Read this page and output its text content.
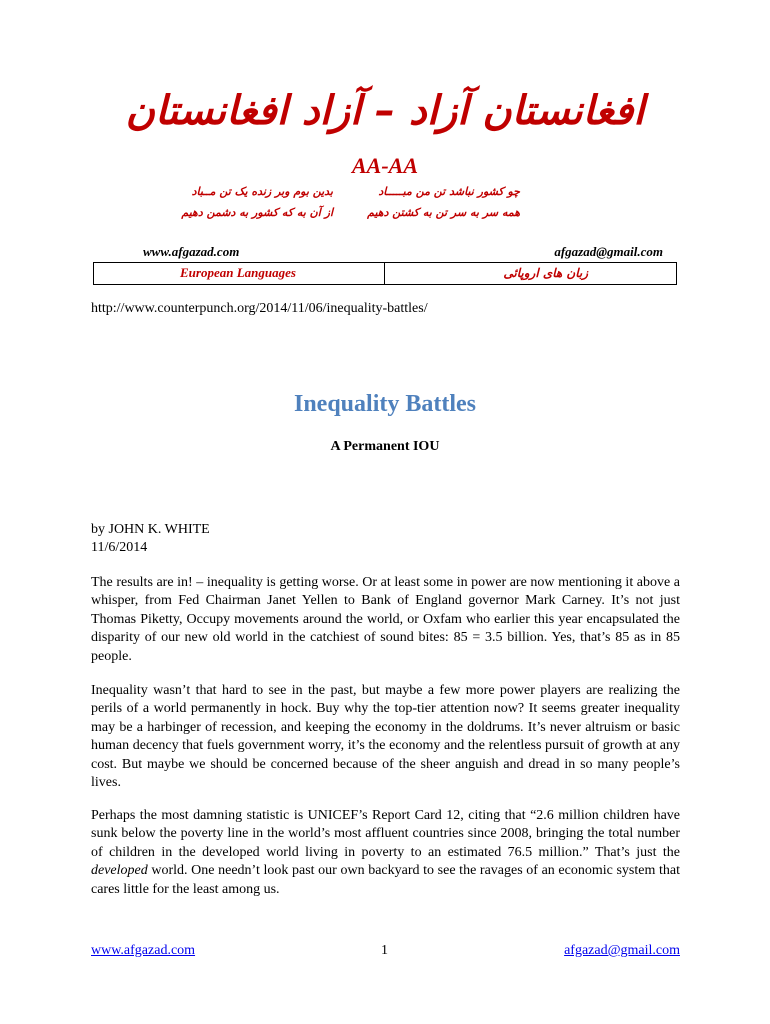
افغانستان آزاد – آزاد افغانستان
AA-AA
چو کشور نباشد تن من مبـــــاد
بدین بوم وبر زنده یک تن مــباد
همه سر به سر تن به کشتن دهیم
از آن به که کشور به دشمن دهیم
www.afgazad.com	afgazad@gmail.com
European Languages	زبان های اروپائی
http://www.counterpunch.org/2014/11/06/inequality-battles/
Inequality Battles
A Permanent IOU
by JOHN K. WHITE
11/6/2014
The results are in! – inequality is getting worse. Or at least some in power are now mentioning it above a whisper, from Fed Chairman Janet Yellen to Bank of England governor Mark Carney. It’s not just Thomas Piketty, Occupy movements around the world, or Oxfam who earlier this year encapsulated the disparity of our new old world in the catchiest of sound bites: 85 = 3.5 billion. Yes, that’s 85 as in 85 people.
Inequality wasn’t that hard to see in the past, but maybe a few more power players are realizing the perils of a world permanently in hock. Buy why the top-tier attention now? It seems greater inequality may be a harbinger of recession, and keeping the economy in the doldrums. It’s never altruism or basic human decency that fuels government worry, it’s the economy and the relentless pursuit of growth at any cost. But maybe we should be concerned because of the sheer anguish and dread in so many people’s lives.
Perhaps the most damning statistic is UNICEF’s Report Card 12, citing that “2.6 million children have sunk below the poverty line in the world’s most affluent countries since 2008, bringing the total number of children in the developed world living in poverty to an estimated 76.5 million.” That’s just the developed world. One needn’t look past our own backyard to see the ravages of an economic system that cares little for the least among us.
www.afgazad.com	1	afgazad@gmail.com
